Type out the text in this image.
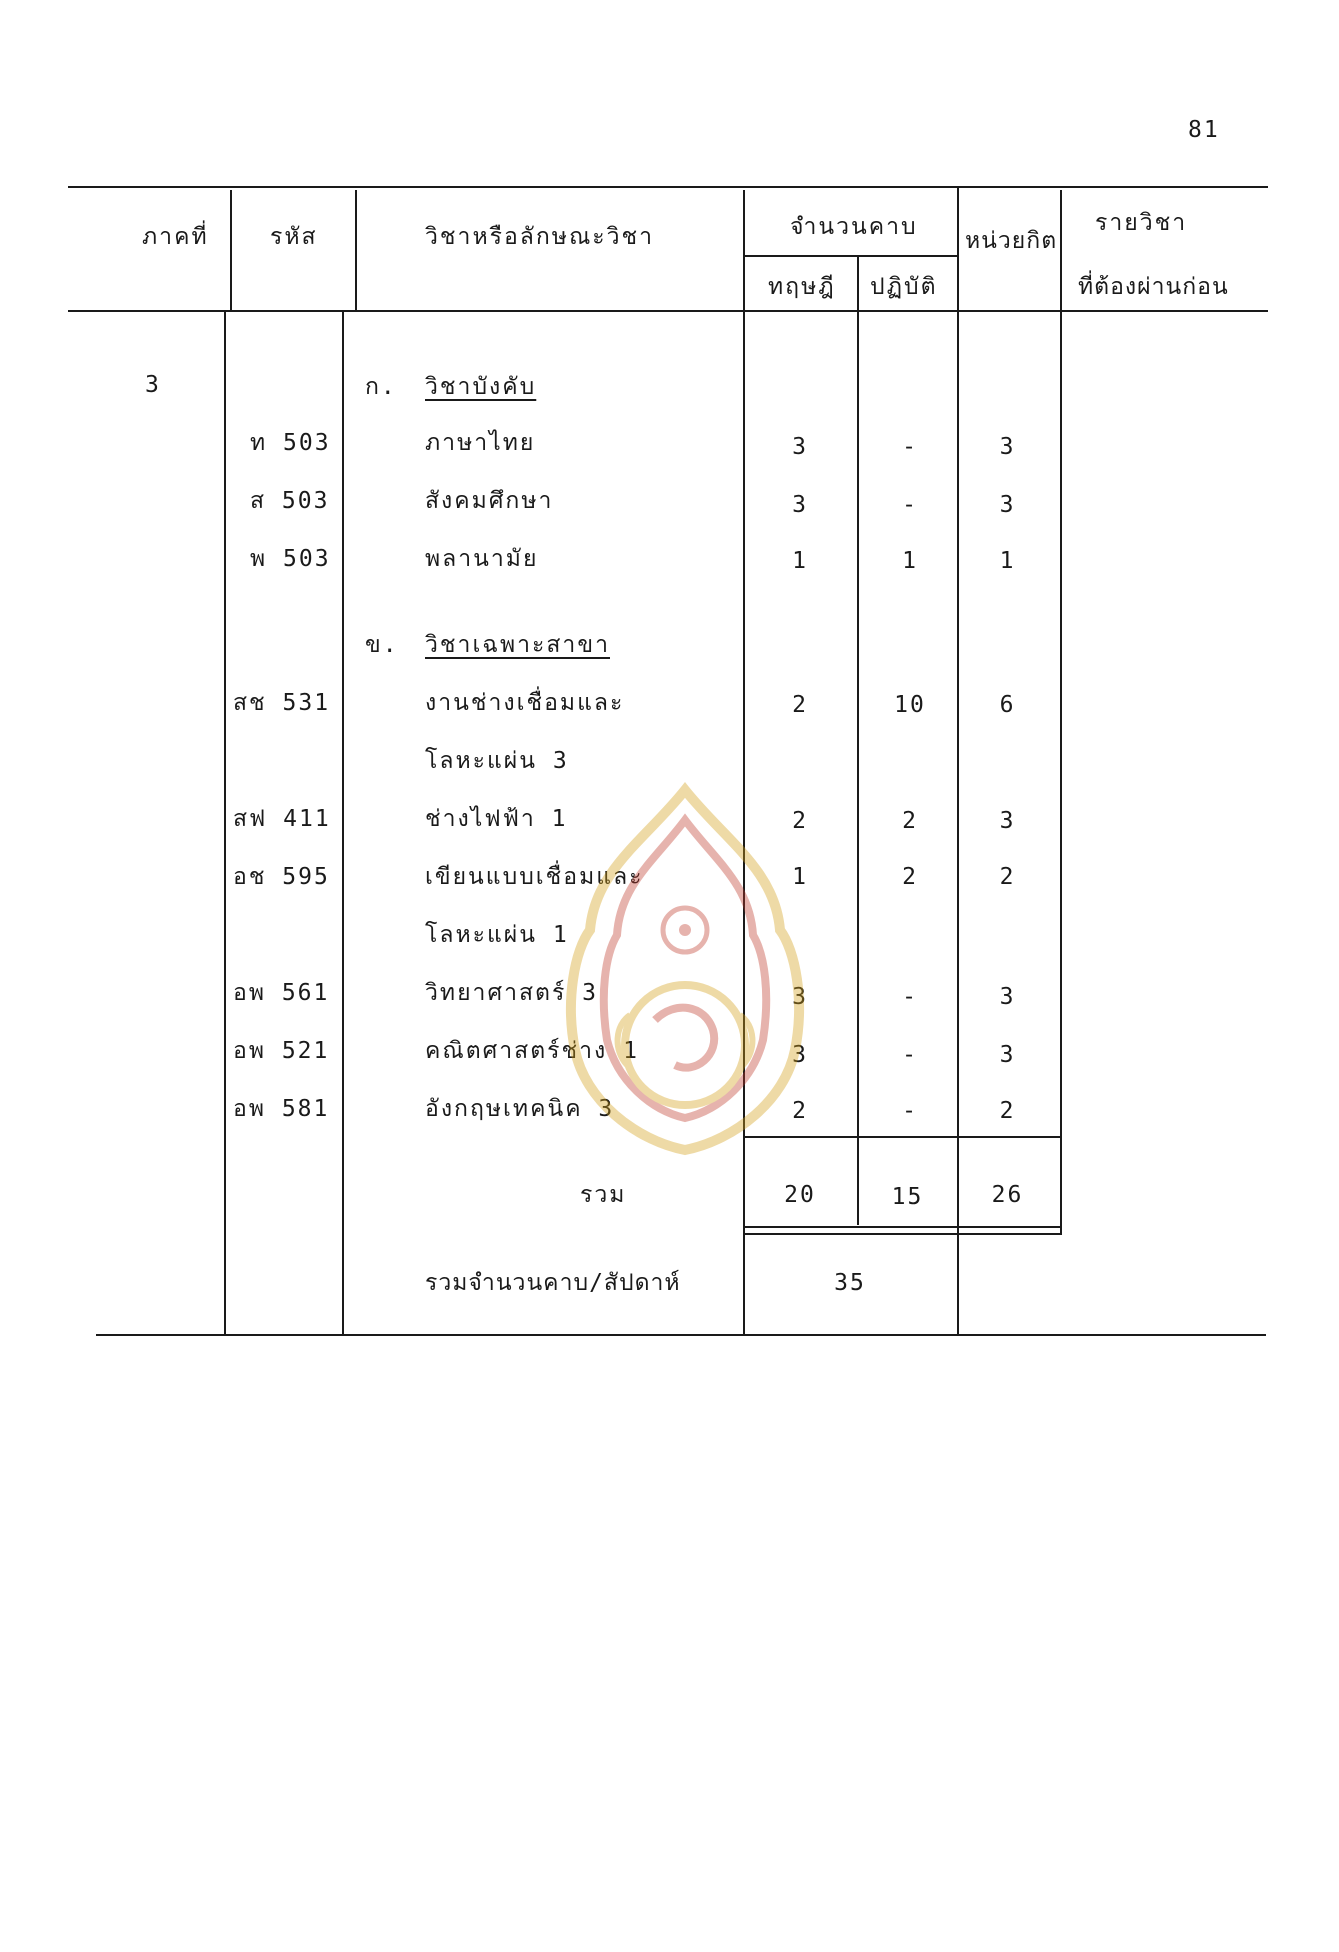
81
ภาคที่	รหัส	วิชาหรือลักษณะวิชา	จำนวนคาบ
ทฤษฎี ปฏิบัติ
หน่วยกิต
รายวิชา
ที่ต้องผ่านก่อน
3	ก. วิชาบังคับ
ท 503	ภาษาไทย	3	-	3
ส 503	สังคมศึกษา	3	-	3
พ 503	พลานามัย	1	1	1
ข. วิชาเฉพาะสาขา
สช 531	งานช่างเชื่อมและ
โลหะแผ่น 3
2	10	6
สฟ 411	ช่างไฟฟ้า 1	2	2	3
อช 595	เขียนแบบเชื่อมและ
โลหะแผ่น 1
1	2	2
อพ 561	วิทยาศาสตร์ 3	3	-	3
อพ 521	คณิตศาสตร์ช่าง 1	3	-	3
อพ 581	อังกฤษเทคนิค 3	2	-	2
รวม	20	15	26
รวมจำนวนคาบ/สัปดาห์	35
